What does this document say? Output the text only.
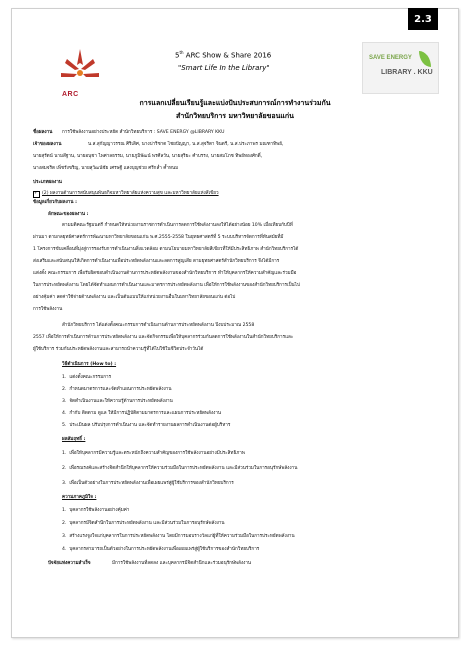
2.3
ARC
SAVE ENERGY
LIBRARY . KKU
5th ARC Show & Share 2016
"Smart Life In the Library"
การแลกเปลี่ยนเรียนรู้และแบ่งปันประสบการณ์การทำงานร่วมกัน
สำนักวิทยบริการ มหาวิทยาลัยขอนแก่น
ชื่อผลงาน การใช้พลังงานอย่างประหยัด สำนักวิทยบริการ : SAVE ENERGY @LIBRARY KKU
เจ้าของผลงาน	น.ส.สุกัญญาวรรณ ศิริเสิศ, นางปาริชาต ไชยปัญญา, น.ส.สุจริตา จินตรี, น.ส.ประภาพร มณฑาทิพย์,
นายสุรัตน์ นามสีฐาน, นายอนุชา ไพศาลธรรม, นายภูมิพัฒน์ พรศีลวัน, นายสุริยะ คำบรรง, นายสมโภช ทิพย์ทองศักดิ์,
นางสมจริต เพิ่ชรังขริญ, นายสุวัฒน์ชัย เศรษฐี แสงบุญช่วย ศรีกล่ำ ค้ำหนม
ประเภทผลงาน
✓
(2) ผลงานด้านการสนับสนุนพันธกิจมหาวิทยาลัยแห่งความสุข และมหาวิทยาลัยแห่งสีเขียว
ข้อมูลเกี่ยวกับผลงาน :
ลักษณะของผลงาน :
ตามมติคณะรัฐมนตรี กำหนดให้หน่วยงานราชการดำเนินการลดการใช้พลังงานลงให้ได้อย่างน้อย 10% เมื่อเทียบกับปีที่
ผ่านมา ตามกลยุทธ์ศาสตร์การพัฒนามหาวิทยาลัยขอนแก่น พ.ศ.2555-2558 ในยุทธศาสตร์ที่ 5 ระบบบริหารจัดการที่ทันสมัยที่มี
1 โครงการขับเคลื่อนที่มุ่งสู่การรองรับการดำเนินงานสิ่งแวดล้อม ตามนโยบายมหาวิทยาลัยสีเขียวที่ให้มีประสิทธิภาพ สำนักวิทยบริการได้
ส่งเสริมและสนับสนุนให้เกิดการดำเนินงานเพื่อประหยัดพลังงานและลดการสูญเสีย ตามยุทธศาสตร์สำนักวิทยบริการ จึงได้มีการ
แต่งตั้ง คณะกรรมการ เพื่อรับผิดชอบดำเนินงานด้านการประหยัดพลังงานของสำนักวิทยบริการ ทำให้บุคลากรให้ความสำคัญและร่วมมือ
ในการประหยัดพลังงาน โดยได้จัดทำแผนการดำเนินงานและมาตรการประหยัดพลังงาน เพื่อให้การใช้พลังงานของสำนักวิทยบริการเป็นไป
อย่างคุ้มค่า ลดค่าใช้จ่ายด้านพลังงาน และเป็นต้นแบบให้แก่หน่วยงานอื่นในมหาวิทยาลัยขอนแก่น ต่อไป
การใช้พลังงาน
สำนักวิทยบริการ ได้แต่งตั้งคณะกรรมการดำเนินงานด้านการประหยัดพลังงาน ปีงบประมาณ 2558
2557 เพื่อให้การดำเนินการด้านการประหยัดพลังงาน และจัดกิจกรรมเพื่อให้บุคลากรร่วมกันลดการใช้พลังงานในสำนักวิทยบริการและ
ผู้ใช้บริการ ร่วมกันประหยัดพลังงานและสามารถนำความรู้ที่ได้ไปใช้ในชีวิตประจำวันได้
วิธีดำเนินการ (How to) :
1.  แต่งตั้งคณะกรรมการ
2.  กำหนดมาตรการและจัดทำแผนการประหยัดพลังงาน
3.  จัดดำเนินงานและให้ความรู้ด้านการประหยัดพลังงาน
4.  กำกับ ติดตาม ดูแล ให้มีการปฏิบัติตามมาตรการและแผนการประหยัดพลังงาน
5.  ประเมินผล ปรับปรุงการดำเนินงาน และจัดทำรายงานผลการดำเนินงานต่อผู้บริหาร
ผลสัมฤทธิ์ :
1.  เพื่อให้บุคลากรมีความรู้และตระหนักถึงความสำคัญของการใช้พลังงานอย่างมีประสิทธิภาพ
2.  เพื่อรณรงค์และสร้างจิตสำนึกให้บุคลากรให้ความร่วมมือในการประหยัดพลังงาน และมีส่วนร่วมในการอนุรักษ์พลังงาน
3.  เพื่อเป็นตัวอย่างในการประหยัดพลังงานเพื่อเผยแพร่สู่ผู้ใช้บริการของสำนักวิทยบริการ
ความภาคภูมิใจ :
1.  บุคลากรใช้พลังงานอย่างคุ้มค่า
2.  บุคลากรมีจิตสำนึกในการประหยัดพลังงาน และมีส่วนร่วมในการอนุรักษ์พลังงาน
3.  สร้างแรงจูงใจแก่บุคลากรในการประหยัดพลังงาน โดยมีการมอบรางวัลแก่ผู้ที่ให้ความร่วมมือในการประหยัดพลังงาน
4.  บุคลากรสามารถเป็นตัวอย่างในการประหยัดพลังงานเพื่อเผยแพร่สู่ผู้ใช้บริการของสำนักวิทยบริการ
ปัจจัยแห่งความสำเร็จ	มีการใช้พลังงานที่ลดลง และบุคลากรมีจิตสำนึกและร่วมอนุรักษ์พลังงาน
